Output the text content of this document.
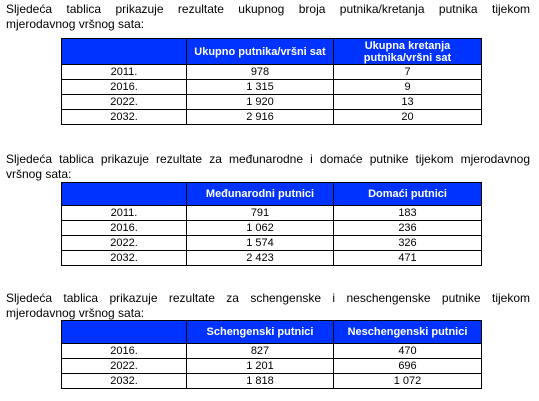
Sljedeća tablica prikazuje rezultate ukupnog broja putnika/kretanja putnika tijekom
mjerodavnog vršnog sata:

	Ukupno putnika/vršni sat	Ukupna kretanja
putnika/vršni sat
2011.	978	7
2016.	1 315	9
2022.	1 920	13
2032.	2 916	20

Sljedeća tablica prikazuje rezultate za međunarodne i domaće putnike tijekom mjerodavnog
vršnog sata:

	Međunarodni putnici	Domaći putnici
2011.	791	183
2016.	1 062	236
2022.	1 574	326
2032.	2 423	471

Sljedeća tablica prikazuje rezultate za schengenske i neschengenske putnike tijekom
mjerodavnog vršnog sata:

	Schengenski putnici	Neschengenski putnici
2016.	827	470
2022.	1 201	696
2032.	1 818	1 072
